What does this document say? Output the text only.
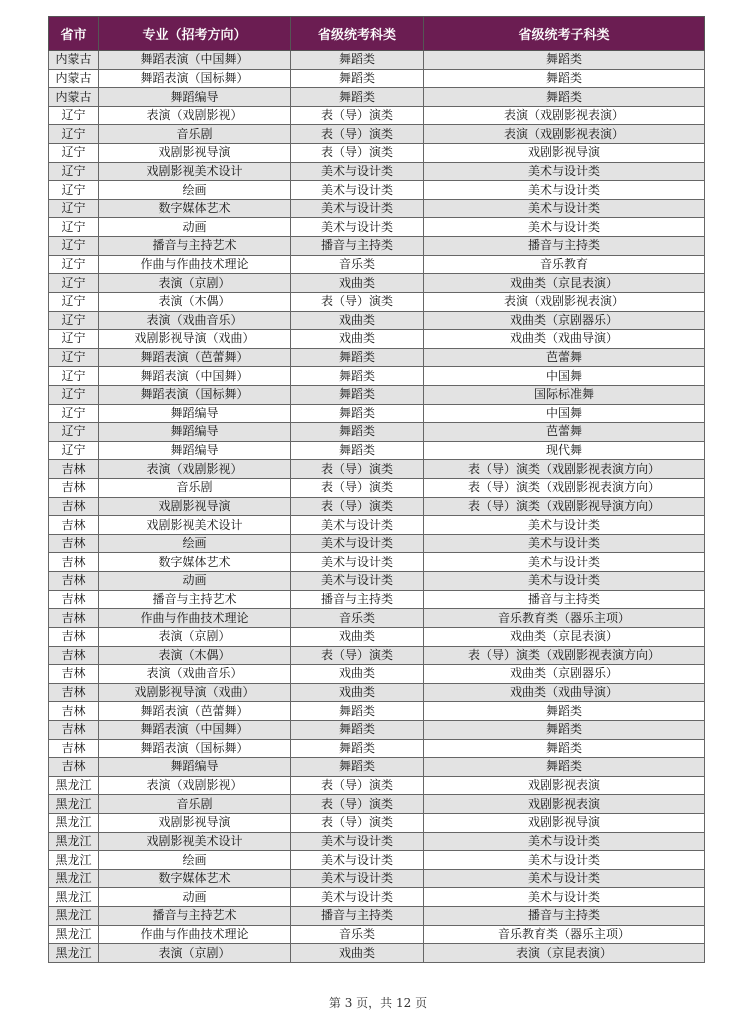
省市	专业（招考方向）	省级统考科类	省级统考子科类
内蒙古	舞蹈表演（中国舞）	舞蹈类	舞蹈类
内蒙古	舞蹈表演（国标舞）	舞蹈类	舞蹈类
内蒙古	舞蹈编导	舞蹈类	舞蹈类
辽宁	表演（戏剧影视）	表（导）演类	表演（戏剧影视表演）
辽宁	音乐剧	表（导）演类	表演（戏剧影视表演）
辽宁	戏剧影视导演	表（导）演类	戏剧影视导演
辽宁	戏剧影视美术设计	美术与设计类	美术与设计类
辽宁	绘画	美术与设计类	美术与设计类
辽宁	数字媒体艺术	美术与设计类	美术与设计类
辽宁	动画	美术与设计类	美术与设计类
辽宁	播音与主持艺术	播音与主持类	播音与主持类
辽宁	作曲与作曲技术理论	音乐类	音乐教育
辽宁	表演（京剧）	戏曲类	戏曲类（京昆表演）
辽宁	表演（木偶）	表（导）演类	表演（戏剧影视表演）
辽宁	表演（戏曲音乐）	戏曲类	戏曲类（京剧器乐）
辽宁	戏剧影视导演（戏曲）	戏曲类	戏曲类（戏曲导演）
辽宁	舞蹈表演（芭蕾舞）	舞蹈类	芭蕾舞
辽宁	舞蹈表演（中国舞）	舞蹈类	中国舞
辽宁	舞蹈表演（国标舞）	舞蹈类	国际标准舞
辽宁	舞蹈编导	舞蹈类	中国舞
辽宁	舞蹈编导	舞蹈类	芭蕾舞
辽宁	舞蹈编导	舞蹈类	现代舞
吉林	表演（戏剧影视）	表（导）演类	表（导）演类（戏剧影视表演方向）
吉林	音乐剧	表（导）演类	表（导）演类（戏剧影视表演方向）
吉林	戏剧影视导演	表（导）演类	表（导）演类（戏剧影视导演方向）
吉林	戏剧影视美术设计	美术与设计类	美术与设计类
吉林	绘画	美术与设计类	美术与设计类
吉林	数字媒体艺术	美术与设计类	美术与设计类
吉林	动画	美术与设计类	美术与设计类
吉林	播音与主持艺术	播音与主持类	播音与主持类
吉林	作曲与作曲技术理论	音乐类	音乐教育类（器乐主项）
吉林	表演（京剧）	戏曲类	戏曲类（京昆表演）
吉林	表演（木偶）	表（导）演类	表（导）演类（戏剧影视表演方向）
吉林	表演（戏曲音乐）	戏曲类	戏曲类（京剧器乐）
吉林	戏剧影视导演（戏曲）	戏曲类	戏曲类（戏曲导演）
吉林	舞蹈表演（芭蕾舞）	舞蹈类	舞蹈类
吉林	舞蹈表演（中国舞）	舞蹈类	舞蹈类
吉林	舞蹈表演（国标舞）	舞蹈类	舞蹈类
吉林	舞蹈编导	舞蹈类	舞蹈类
黑龙江	表演（戏剧影视）	表（导）演类	戏剧影视表演
黑龙江	音乐剧	表（导）演类	戏剧影视表演
黑龙江	戏剧影视导演	表（导）演类	戏剧影视导演
黑龙江	戏剧影视美术设计	美术与设计类	美术与设计类
黑龙江	绘画	美术与设计类	美术与设计类
黑龙江	数字媒体艺术	美术与设计类	美术与设计类
黑龙江	动画	美术与设计类	美术与设计类
黑龙江	播音与主持艺术	播音与主持类	播音与主持类
黑龙江	作曲与作曲技术理论	音乐类	音乐教育类（器乐主项）
黑龙江	表演（京剧）	戏曲类	表演（京昆表演）
第 3 页，共 12 页
